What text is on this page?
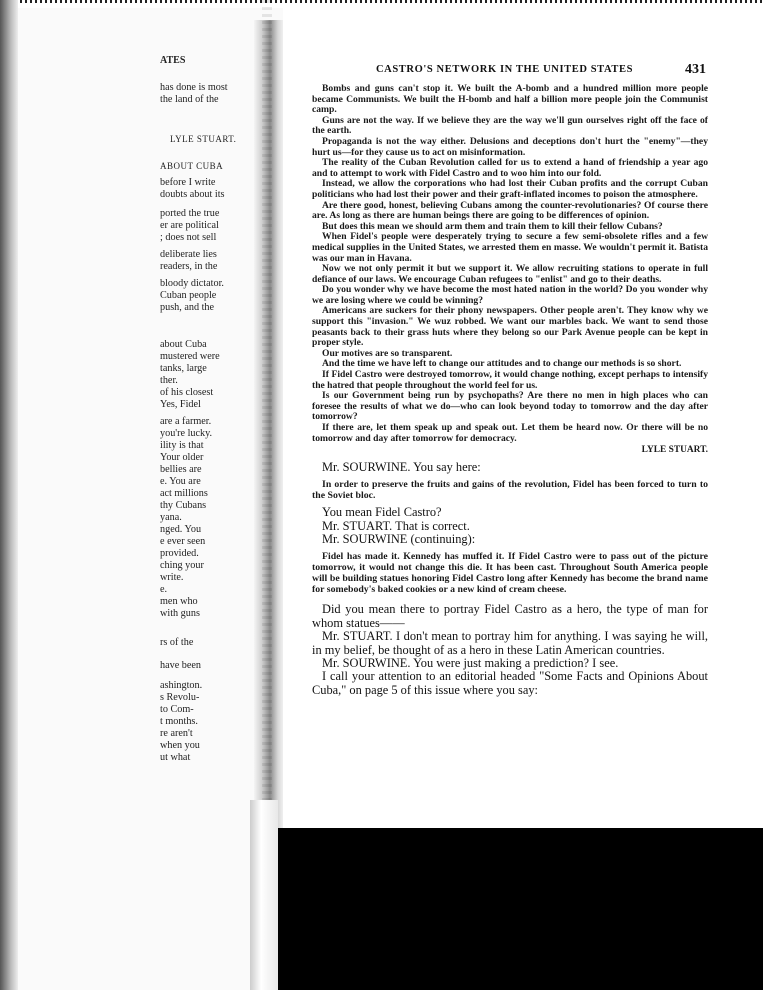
ATES
has done is most
the land of the
LYLE STUART.
ABOUT CUBA
before I write
doubts about its
ported the true
er are political
; does not sell
deliberate lies
readers, in the
bloody dictator.
Cuban people
push, and the
about Cuba
mustered were
tanks, large
ther.
of his closest
Yes, Fidel
are a farmer.
you're lucky.
ility is that
Your older
bellies are
e. You are
act millions
thy Cubans
yana.
nged. You
e ever seen
provided.
ching your
write.
e.
men who
with guns
rs of the
have been
ashington.
s Revolu-
to Com-
t months.
re aren't
when you
ut what
CASTRO'S NETWORK IN THE UNITED STATES	431

Bombs and guns can't stop it. We built the A-bomb and a hundred million more people became Communists. We built the H-bomb and half a billion more people join the Communist camp.

Guns are not the way. If we believe they are the way we'll gun ourselves right off the face of the earth.

Propaganda is not the way either. Delusions and deceptions don't hurt the "enemy"—they hurt us—for they cause us to act on misinformation.

The reality of the Cuban Revolution called for us to extend a hand of friendship a year ago and to attempt to work with Fidel Castro and to woo him into our fold.

Instead, we allow the corporations who had lost their Cuban profits and the corrupt Cuban politicians who had lost their power and their graft-inflated incomes to poison the atmosphere.

Are there good, honest, believing Cubans among the counter-revolutionaries? Of course there are. As long as there are human beings there are going to be differences of opinion.

But does this mean we should arm them and train them to kill their fellow Cubans?

When Fidel's people were desperately trying to secure a few semi-obsolete rifles and a few medical supplies in the United States, we arrested them en masse. We wouldn't permit it. Batista was our man in Havana.

Now we not only permit it but we support it. We allow recruiting stations to operate in full defiance of our laws. We encourage Cuban refugees to "enlist" and go to their deaths.

Do you wonder why we have become the most hated nation in the world? Do you wonder why we are losing where we could be winning?

Americans are suckers for their phony newspapers. Other people aren't. They know why we support this "invasion." We wuz robbed. We want our marbles back. We want to send those peasants back to their grass huts where they belong so our Park Avenue people can be kept in proper style.

Our motives are so transparent.

And the time we have left to change our attitudes and to change our methods is so short.

If Fidel Castro were destroyed tomorrow, it would change nothing, except perhaps to intensify the hatred that people throughout the world feel for us.

Is our Government being run by psychopaths? Are there no men in high places who can foresee the results of what we do—who can look beyond today to tomorrow and the day after tomorrow?

If there are, let them speak up and speak out. Let them be heard now. Or there will be no tomorrow and day after tomorrow for democracy.

LYLE STUART.

Mr. SOURWINE. You say here:

In order to preserve the fruits and gains of the revolution, Fidel has been forced to turn to the Soviet bloc.

You mean Fidel Castro?

Mr. STUART. That is correct.

Mr. SOURWINE (continuing):

Fidel has made it. Kennedy has muffed it. If Fidel Castro were to pass out of the picture tomorrow, it would not change this die. It has been cast. Throughout South America people will be building statues honoring Fidel Castro long after Kennedy has become the brand name for somebody's baked cookies or a new kind of cream cheese.

Did you mean there to portray Fidel Castro as a hero, the type of man for whom statues——

Mr. STUART. I don't mean to portray him for anything. I was saying he will, in my belief, be thought of as a hero in these Latin American countries.

Mr. SOURWINE. You were just making a prediction? I see.

I call your attention to an editorial headed "Some Facts and Opinions About Cuba," on page 5 of this issue where you say:
